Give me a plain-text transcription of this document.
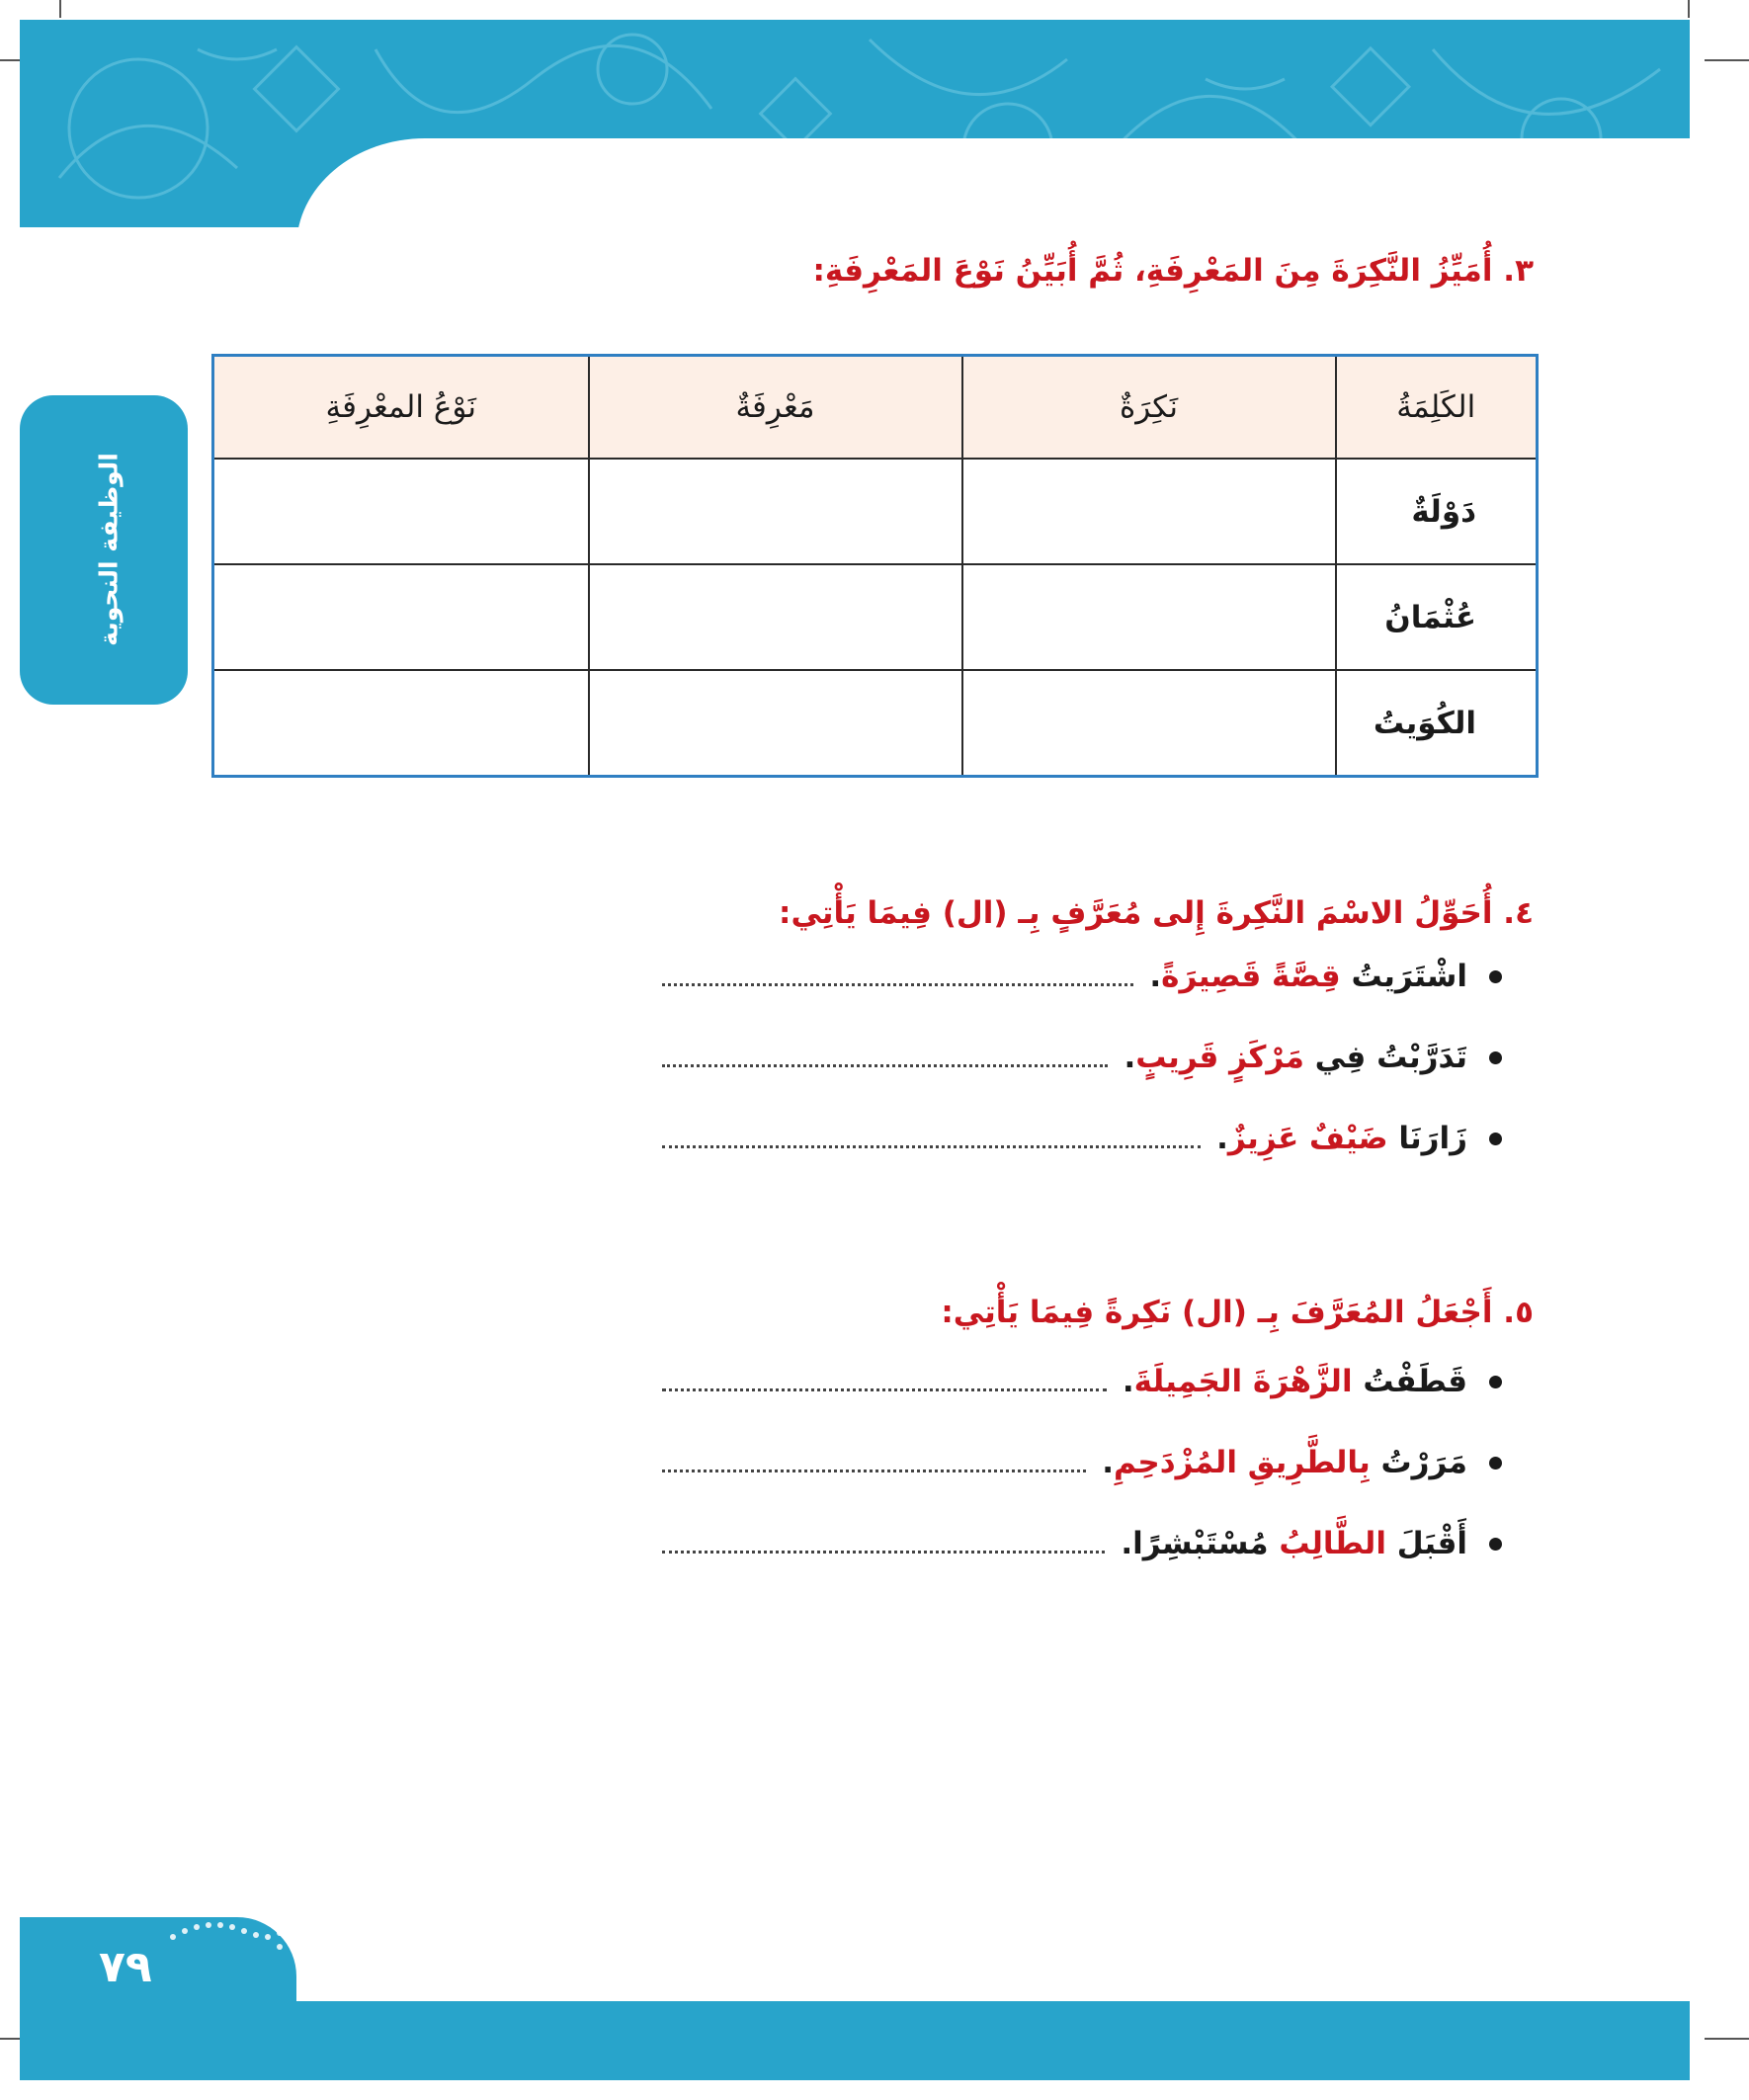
الوظيفة النحوية
٣. أُمَيِّزُ النَّكِرَةَ مِنَ المَعْرِفَةِ، ثُمَّ أُبَيِّنُ نَوْعَ المَعْرِفَةِ:
الكَلِمَةُ	نَكِرَةٌ	مَعْرِفَةٌ	نَوْعُ المعْرِفَةِ
دَوْلَةٌ			
عُثْمَانُ			
الكُوَيتُ			
٤. أُحَوِّلُ الاسْمَ النَّكِرةَ إِلى مُعَرَّفٍ بِـ (ال) فِيمَا يَأْتِي:
اشْتَرَيتُ قِصَّةً قَصِيرَةً.
تَدَرَّبْتُ فِي مَرْكَزٍ قَرِيبٍ.
زَارَنَا ضَيْفٌ عَزِيزٌ.
٥. أَجْعَلُ المُعَرَّفَ بِـ (ال) نَكِرةً فِيمَا يَأْتِي:
قَطَفْتُ الزَّهْرَةَ الجَمِيلَةَ.
مَرَرْتُ بِالطَّرِيقِ المُزْدَحِمِ.
أَقْبَلَ الطَّالِبُ مُسْتَبْشِرًا.
٧٩
